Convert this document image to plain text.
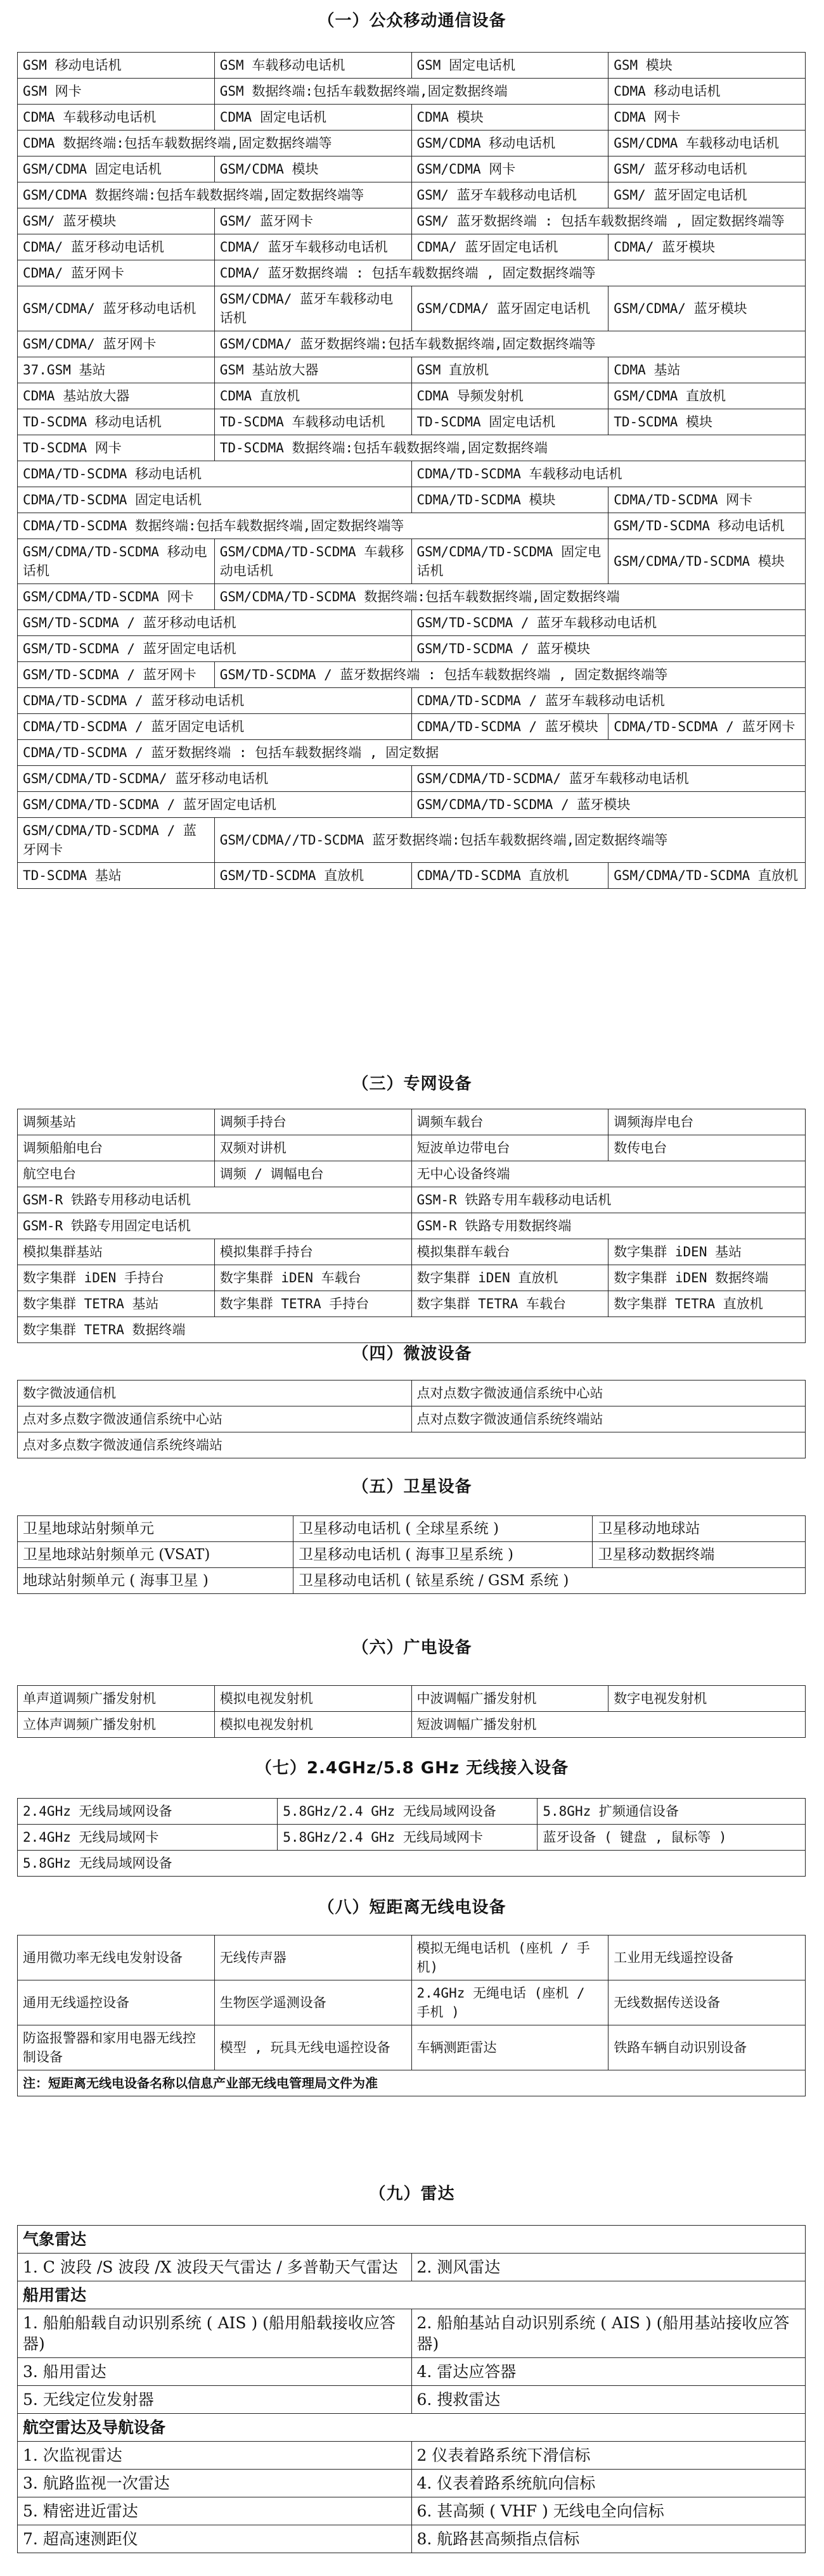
（一）公众移动通信设备
GSM 移动电话机	GSM 车载移动电话机	GSM 固定电话机	GSM 模块
GSM 网卡	GSM 数据终端:包括车载数据终端,固定数据终端		CDMA 移动电话机
CDMA 车载移动电话机	CDMA 固定电话机	CDMA 模块	CDMA 网卡
CDMA 数据终端:包括车载数据终端,固定数据终端等		GSM/CDMA 移动电话机	GSM/CDMA 车载移动电话机
GSM/CDMA 固定电话机	GSM/CDMA 模块	GSM/CDMA 网卡	GSM/ 蓝牙移动电话机
GSM/CDMA 数据终端:包括车载数据终端,固定数据终端等		GSM/ 蓝牙车载移动电话机	GSM/ 蓝牙固定电话机
GSM/ 蓝牙模块	GSM/ 蓝牙网卡	GSM/ 蓝牙数据终端 : 包括车载数据终端 , 固定数据终端等	
CDMA/ 蓝牙移动电话机	CDMA/ 蓝牙车载移动电话机	CDMA/ 蓝牙固定电话机	CDMA/ 蓝牙模块
CDMA/ 蓝牙网卡	CDMA/ 蓝牙数据终端 : 包括车载数据终端 , 固定数据终端等		
GSM/CDMA/ 蓝牙移动电话机	GSM/CDMA/ 蓝牙车载移动电话机	GSM/CDMA/ 蓝牙固定电话机	GSM/CDMA/ 蓝牙模块
GSM/CDMA/ 蓝牙网卡	GSM/CDMA/ 蓝牙数据终端:包括车载数据终端,固定数据终端等		
37.GSM 基站	GSM 基站放大器	GSM 直放机	CDMA 基站
CDMA 基站放大器	CDMA 直放机	CDMA 导频发射机	GSM/CDMA 直放机
TD-SCDMA 移动电话机	TD-SCDMA 车载移动电话机	TD-SCDMA 固定电话机	TD-SCDMA 模块
TD-SCDMA 网卡	TD-SCDMA 数据终端:包括车载数据终端,固定数据终端		
CDMA/TD-SCDMA 移动电话机		CDMA/TD-SCDMA 车载移动电话机	
CDMA/TD-SCDMA 固定电话机		CDMA/TD-SCDMA 模块	CDMA/TD-SCDMA 网卡
CDMA/TD-SCDMA 数据终端:包括车载数据终端,固定数据终端等			GSM/TD-SCDMA 移动电话机
GSM/CDMA/TD-SCDMA 移动电话机	GSM/CDMA/TD-SCDMA 车载移动电话机	GSM/CDMA/TD-SCDMA 固定电话机	GSM/CDMA/TD-SCDMA 模块
GSM/CDMA/TD-SCDMA 网卡	GSM/CDMA/TD-SCDMA 数据终端:包括车载数据终端,固定数据终端		
GSM/TD-SCDMA / 蓝牙移动电话机		GSM/TD-SCDMA / 蓝牙车载移动电话机	
GSM/TD-SCDMA / 蓝牙固定电话机		GSM/TD-SCDMA / 蓝牙模块	
GSM/TD-SCDMA / 蓝牙网卡	GSM/TD-SCDMA / 蓝牙数据终端 : 包括车载数据终端 , 固定数据终端等		
CDMA/TD-SCDMA / 蓝牙移动电话机		CDMA/TD-SCDMA / 蓝牙车载移动电话机	
CDMA/TD-SCDMA / 蓝牙固定电话机		CDMA/TD-SCDMA / 蓝牙模块	CDMA/TD-SCDMA / 蓝牙网卡
CDMA/TD-SCDMA / 蓝牙数据终端 : 包括车载数据终端 , 固定数据			
GSM/CDMA/TD-SCDMA/ 蓝牙移动电话机		GSM/CDMA/TD-SCDMA/ 蓝牙车载移动电话机	
GSM/CDMA/TD-SCDMA / 蓝牙固定电话机		GSM/CDMA/TD-SCDMA / 蓝牙模块	
GSM/CDMA/TD-SCDMA / 蓝牙网卡	GSM/CDMA//TD-SCDMA 蓝牙数据终端:包括车载数据终端,固定数据终端等		
TD-SCDMA 基站	GSM/TD-SCDMA 直放机	CDMA/TD-SCDMA 直放机	GSM/CDMA/TD-SCDMA 直放机
（三）专网设备
调频基站	调频手持台	调频车载台	调频海岸电台
调频船舶电台	双频对讲机	短波单边带电台	数传电台
航空电台	调频 / 调幅电台	无中心设备终端	
GSM-R 铁路专用移动电话机		GSM-R 铁路专用车载移动电话机	
GSM-R 铁路专用固定电话机		GSM-R 铁路专用数据终端	
模拟集群基站	模拟集群手持台	模拟集群车载台	数字集群 iDEN 基站
数字集群 iDEN 手持台	数字集群 iDEN 车载台	数字集群 iDEN 直放机	数字集群 iDEN 数据终端
数字集群 TETRA 基站	数字集群 TETRA 手持台	数字集群 TETRA 车载台	数字集群 TETRA 直放机
数字集群 TETRA 数据终端			
（四）微波设备
数字微波通信机	点对点数字微波通信系统中心站
点对多点数字微波通信系统中心站	点对点数字微波通信系统终端站
点对多点数字微波通信系统终端站	
（五）卫星设备
卫星地球站射频单元	卫星移动电话机 ( 全球星系统 )	卫星移动地球站
卫星地球站射频单元 (VSAT)	卫星移动电话机 ( 海事卫星系统 )	卫星移动数据终端
地球站射频单元 ( 海事卫星 )	卫星移动电话机 ( 铱星系统 / GSM 系统 )	
（六）广电设备
单声道调频广播发射机	模拟电视发射机	中波调幅广播发射机	数字电视发射机
立体声调频广播发射机	模拟电视发射机	短波调幅广播发射机	
（七）2.4GHz/5.8 GHz 无线接入设备
2.4GHz 无线局域网设备	5.8GHz/2.4 GHz 无线局域网设备	5.8GHz 扩频通信设备
2.4GHz 无线局域网卡	5.8GHz/2.4 GHz 无线局域网卡	蓝牙设备 ( 键盘 , 鼠标等 )
5.8GHz 无线局域网设备		
（八）短距离无线电设备
通用微功率无线电发射设备	无线传声器	模拟无绳电话机 (座机 / 手机)	工业用无线遥控设备
通用无线遥控设备	生物医学遥测设备	2.4GHz 无绳电话 (座机 / 手机 )	无线数据传送设备
防盗报警器和家用电器无线控制设备	模型 , 玩具无线电遥控设备	车辆测距雷达	铁路车辆自动识别设备
注：短距离无线电设备名称以信息产业部无线电管理局文件为准			
（九）雷达
气象雷达	
1. C 波段 /S 波段 /X 波段天气雷达 / 多普勒天气雷达	2. 测风雷达
船用雷达	
1. 船舶船载自动识别系统 ( AIS ) (船用船载接收应答器)	2. 船舶基站自动识别系统 ( AIS ) (船用基站接收应答器)
3. 船用雷达	4. 雷达应答器
5. 无线定位发射器	6. 搜救雷达
航空雷达及导航设备	
1. 次监视雷达	2 仪表着路系统下滑信标
3. 航路监视一次雷达	4. 仪表着路系统航向信标
5. 精密进近雷达	6. 甚高频 ( VHF ) 无线电全向信标
7. 超高速测距仪	8. 航路甚高频指点信标
